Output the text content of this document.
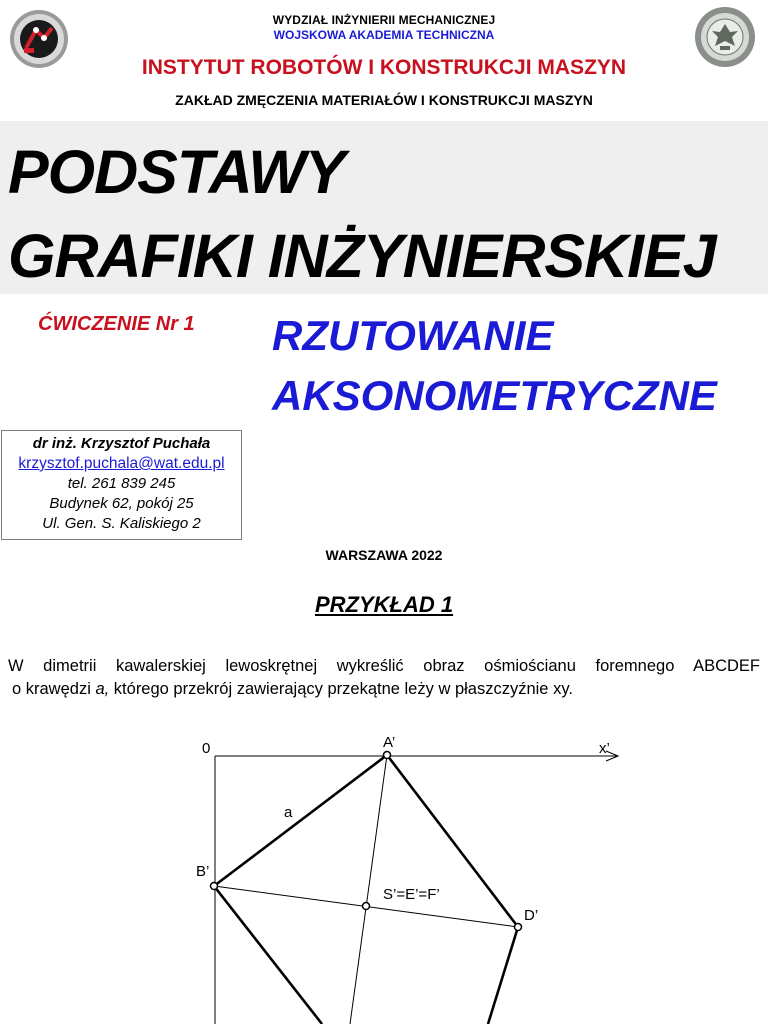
WYDZIAŁ INŻYNIERII MECHANICZNEJ
WOJSKOWA AKADEMIA TECHNICZNA
INSTYTUT ROBOTÓW I KONSTRUKCJI MASZYN
ZAKŁAD ZMĘCZENIA MATERIAŁÓW I KONSTRUKCJI MASZYN
PODSTAWY
GRAFIKI INŻYNIERSKIEJ
ĆWICZENIE Nr 1 RZUTOWANIE
AKSONOMETRYCZNE
dr inż. Krzysztof Puchała
krzysztof.puchala@wat.edu.pl
tel. 261 839 245
Budynek 62, pokój 25
Ul. Gen. S. Kaliskiego 2
WARSZAWA 2022
PRZYKŁAD 1
W dimetrii kawalerskiej lewoskrętnej wykreślić obraz ośmiościanu foremnego ABCDEF
o krawędzi a, którego przekrój zawierający przekątne leży w płaszczyźnie xy.
0	x’
A’
B’
D’
S’=E’=F’
a
